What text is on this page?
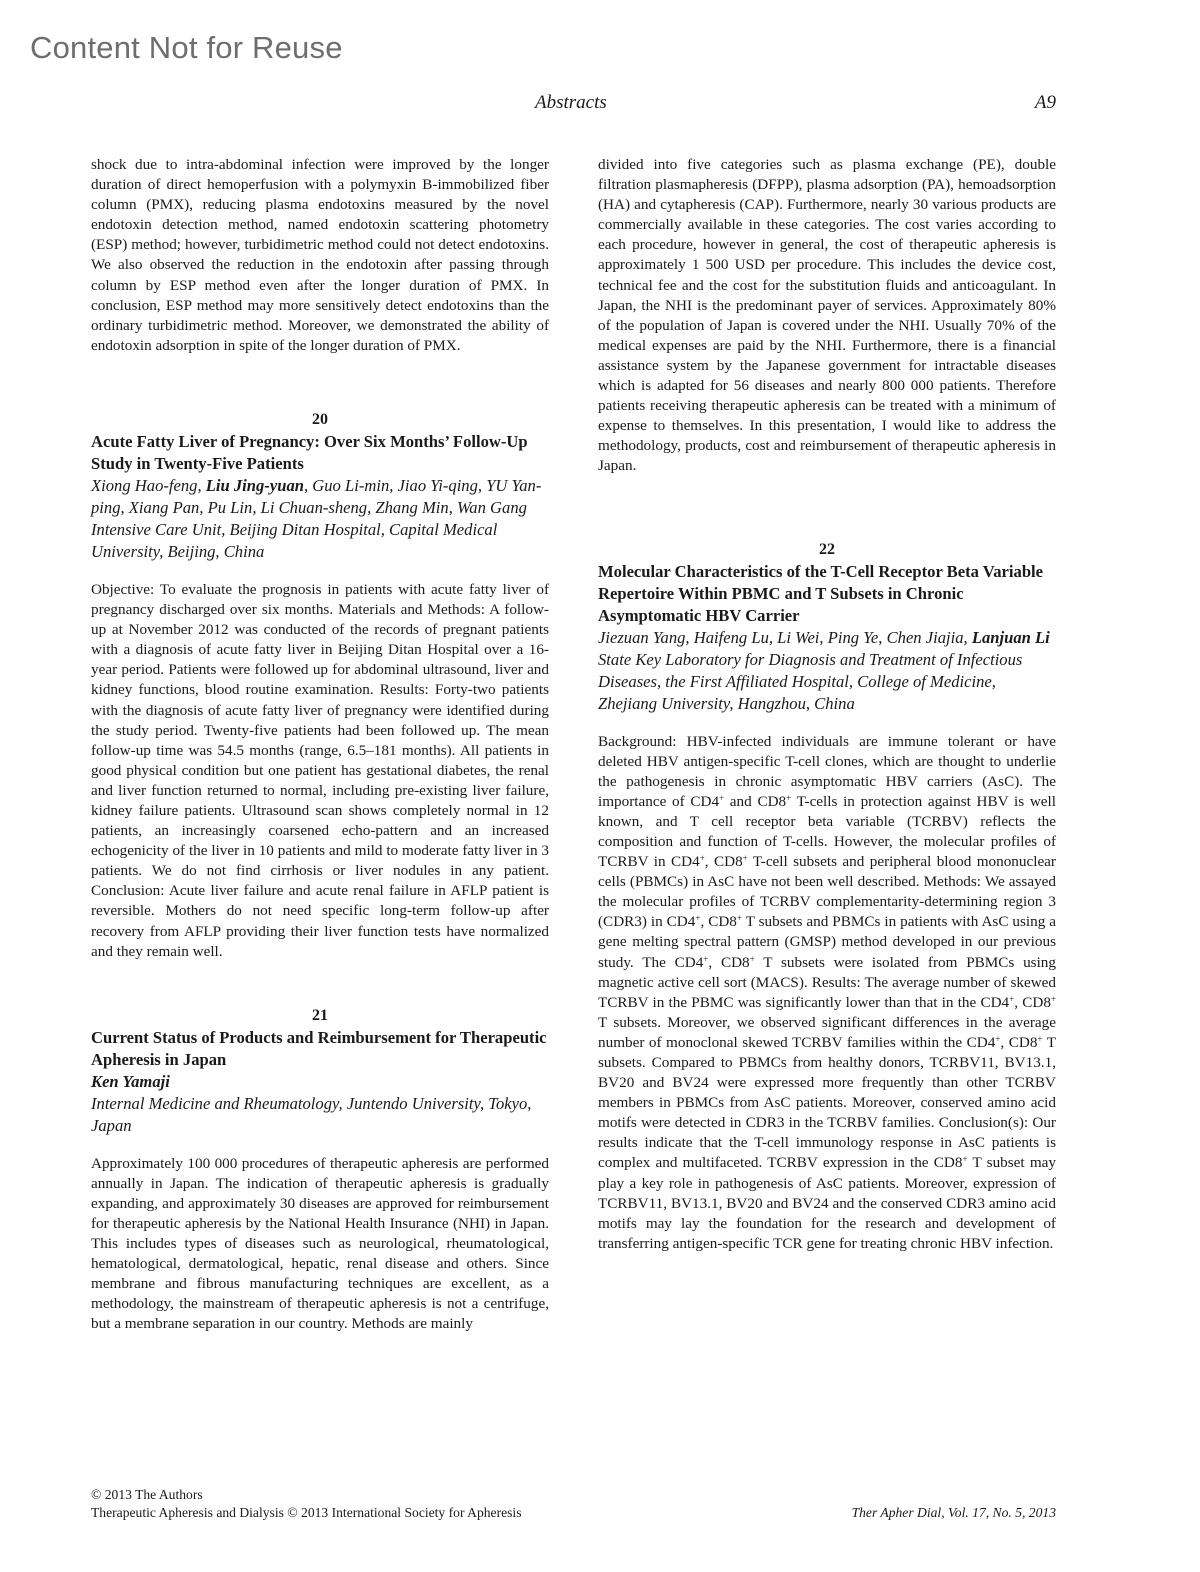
Content Not for Reuse
Abstracts	A9

shock due to intra-abdominal infection were improved by the longer duration of direct hemoperfusion with a polymyxin B-immobilized fiber column (PMX), reducing plasma endotoxins measured by the novel endotoxin detection method, named endotoxin scattering photometry (ESP) method; however, turbidimetric method could not detect endotoxins. We also observed the reduction in the endotoxin after passing through column by ESP method even after the longer duration of PMX. In conclusion, ESP method may more sensitively detect endotoxins than the ordinary turbidimetric method. Moreover, we demonstrated the ability of endotoxin adsorption in spite of the longer duration of PMX.

20

Acute Fatty Liver of Pregnancy: Over Six Months’ Follow-Up Study in Twenty-Five Patients

Xiong Hao-feng, Liu Jing-yuan, Guo Li-min, Jiao Yi-qing, YU Yan-ping, Xiang Pan, Pu Lin, Li Chuan-sheng, Zhang Min, Wan Gang

Intensive Care Unit, Beijing Ditan Hospital, Capital Medical University, Beijing, China

Objective: To evaluate the prognosis in patients with acute fatty liver of pregnancy discharged over six months. Materials and Methods: A follow-up at November 2012 was conducted of the records of pregnant patients with a diagnosis of acute fatty liver in Beijing Ditan Hospital over a 16-year period. Patients were followed up for abdominal ultrasound, liver and kidney functions, blood routine examination. Results: Forty-two patients with the diagnosis of acute fatty liver of pregnancy were identified during the study period. Twenty-five patients had been followed up. The mean follow-up time was 54.5 months (range, 6.5–181 months). All patients in good physical condition but one patient has gestational diabetes, the renal and liver function returned to normal, including pre-existing liver failure, kidney failure patients. Ultrasound scan shows completely normal in 12 patients, an increasingly coarsened echo-pattern and an increased echogenicity of the liver in 10 patients and mild to moderate fatty liver in 3 patients. We do not find cirrhosis or liver nodules in any patient. Conclusion: Acute liver failure and acute renal failure in AFLP patient is reversible. Mothers do not need specific long-term follow-up after recovery from AFLP providing their liver function tests have normalized and they remain well.

21

Current Status of Products and Reimbursement for Therapeutic Apheresis in Japan

Ken Yamaji

Internal Medicine and Rheumatology, Juntendo University, Tokyo, Japan

Approximately 100 000 procedures of therapeutic apheresis are performed annually in Japan. The indication of therapeutic apheresis is gradually expanding, and approximately 30 diseases are approved for reimbursement for therapeutic apheresis by the National Health Insurance (NHI) in Japan. This includes types of diseases such as neurological, rheumatological, hematological, dermatological, hepatic, renal disease and others. Since membrane and fibrous manufacturing techniques are excellent, as a methodology, the mainstream of therapeutic apheresis is not a centrifuge, but a membrane separation in our country. Methods are mainly

divided into five categories such as plasma exchange (PE), double filtration plasmapheresis (DFPP), plasma adsorption (PA), hemoadsorption (HA) and cytapheresis (CAP). Furthermore, nearly 30 various products are commercially available in these categories. The cost varies according to each procedure, however in general, the cost of therapeutic apheresis is approximately 1 500 USD per procedure. This includes the device cost, technical fee and the cost for the substitution fluids and anticoagulant. In Japan, the NHI is the predominant payer of services. Approximately 80% of the population of Japan is covered under the NHI. Usually 70% of the medical expenses are paid by the NHI. Furthermore, there is a financial assistance system by the Japanese government for intractable diseases which is adapted for 56 diseases and nearly 800 000 patients. Therefore patients receiving therapeutic apheresis can be treated with a minimum of expense to themselves. In this presentation, I would like to address the methodology, products, cost and reimbursement of therapeutic apheresis in Japan.

22

Molecular Characteristics of the T-Cell Receptor Beta Variable Repertoire Within PBMC and T Subsets in Chronic Asymptomatic HBV Carrier

Jiezuan Yang, Haifeng Lu, Li Wei, Ping Ye, Chen Jiajia, Lanjuan Li

State Key Laboratory for Diagnosis and Treatment of Infectious Diseases, the First Affiliated Hospital, College of Medicine, Zhejiang University, Hangzhou, China

Background: HBV-infected individuals are immune tolerant or have deleted HBV antigen-specific T-cell clones, which are thought to underlie the pathogenesis in chronic asymptomatic HBV carriers (AsC). The importance of CD4+ and CD8+ T-cells in protection against HBV is well known, and T cell receptor beta variable (TCRBV) reflects the composition and function of T-cells. However, the molecular profiles of TCRBV in CD4+, CD8+ T-cell subsets and peripheral blood mononuclear cells (PBMCs) in AsC have not been well described. Methods: We assayed the molecular profiles of TCRBV complementarity-determining region 3 (CDR3) in CD4+, CD8+ T subsets and PBMCs in patients with AsC using a gene melting spectral pattern (GMSP) method developed in our previous study. The CD4+, CD8+ T subsets were isolated from PBMCs using magnetic active cell sort (MACS). Results: The average number of skewed TCRBV in the PBMC was significantly lower than that in the CD4+, CD8+ T subsets. Moreover, we observed significant differences in the average number of monoclonal skewed TCRBV families within the CD4+, CD8+ T subsets. Compared to PBMCs from healthy donors, TCRBV11, BV13.1, BV20 and BV24 were expressed more frequently than other TCRBV members in PBMCs from AsC patients. Moreover, conserved amino acid motifs were detected in CDR3 in the TCRBV families. Conclusion(s): Our results indicate that the T-cell immunology response in AsC patients is complex and multifaceted. TCRBV expression in the CD8+ T subset may play a key role in pathogenesis of AsC patients. Moreover, expression of TCRBV11, BV13.1, BV20 and BV24 and the conserved CDR3 amino acid motifs may lay the foundation for the research and development of transferring antigen-specific TCR gene for treating chronic HBV infection.

© 2013 The Authors
Therapeutic Apheresis and Dialysis © 2013 International Society for Apheresis	Ther Apher Dial, Vol. 17, No. 5, 2013
